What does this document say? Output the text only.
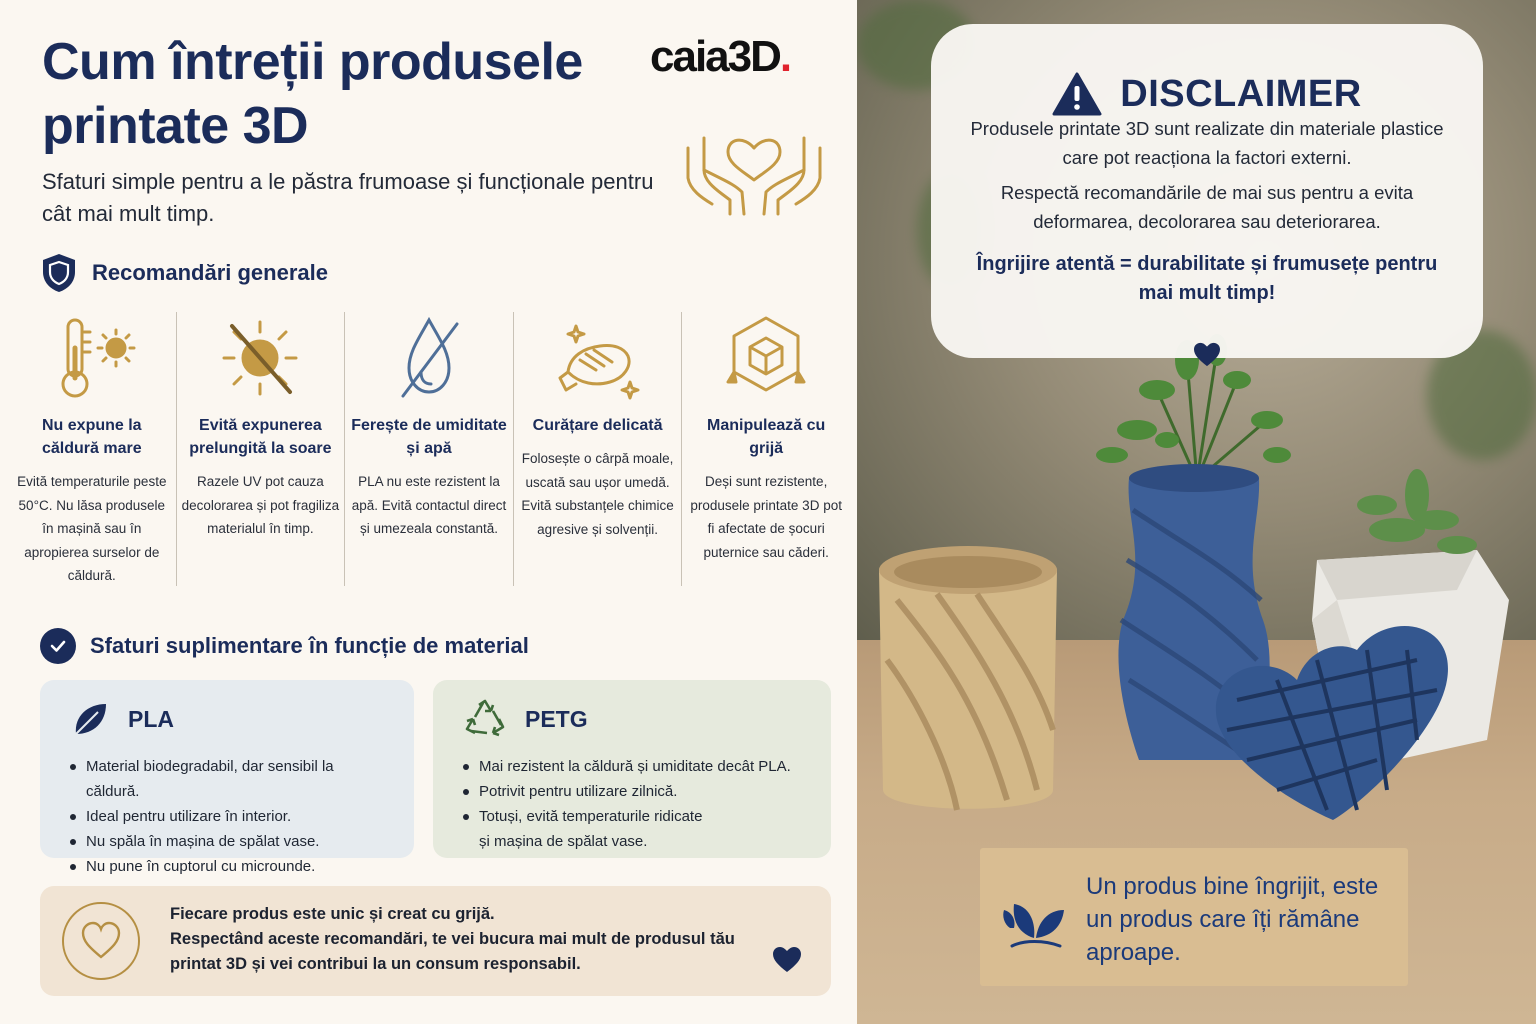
Cum întreții produsele printate 3D
caia3D.

Sfaturi simple pentru a le păstra frumoase și funcționale pentru cât mai mult timp.

Recomandări generale
Nu expune la căldură mare

Evită temperaturile peste 50°C. Nu lăsa produsele în mașină sau în apropierea surselor de căldură.

Evită expunerea prelungită la soare

Razele UV pot cauza decolorarea și pot fragiliza materialul în timp.

Ferește de umiditate și apă

PLA nu este rezistent la apă. Evită contactul direct și umezeala constantă.

Curățare delicată

Folosește o cârpă moale, uscată sau ușor umedă. Evită substanțele chimice agresive și solvenții.

Manipulează cu grijă

Deși sunt rezistente, produsele printate 3D pot fi afectate de șocuri puternice sau căderi.

Sfaturi suplimentare în funcție de material
PLA
Material biodegradabil, dar sensibil la căldură.
Ideal pentru utilizare în interior.
Nu spăla în mașina de spălat vase.
Nu pune în cuptorul cu microunde.
PETG
Mai rezistent la căldură și umiditate decât PLA.
Potrivit pentru utilizare zilnică.
Totuși, evită temperaturile ridicate
și mașina de spălat vase.
Fiecare produs este unic și creat cu grijă.
Respectând aceste recomandări, te vei bucura mai mult de produsul tău printat 3D și vei contribui la un consum responsabil.
DISCLAIMER

Produsele printate 3D sunt realizate din materiale plastice care pot reacționa la factori externi.

Respectă recomandările de mai sus pentru a evita deformarea, decolorarea sau deteriorarea.

Îngrijire atentă = durabilitate și frumusețe pentru mai mult timp!

Un produs bine îngrijit, este un produs care îți rămâne aproape.
